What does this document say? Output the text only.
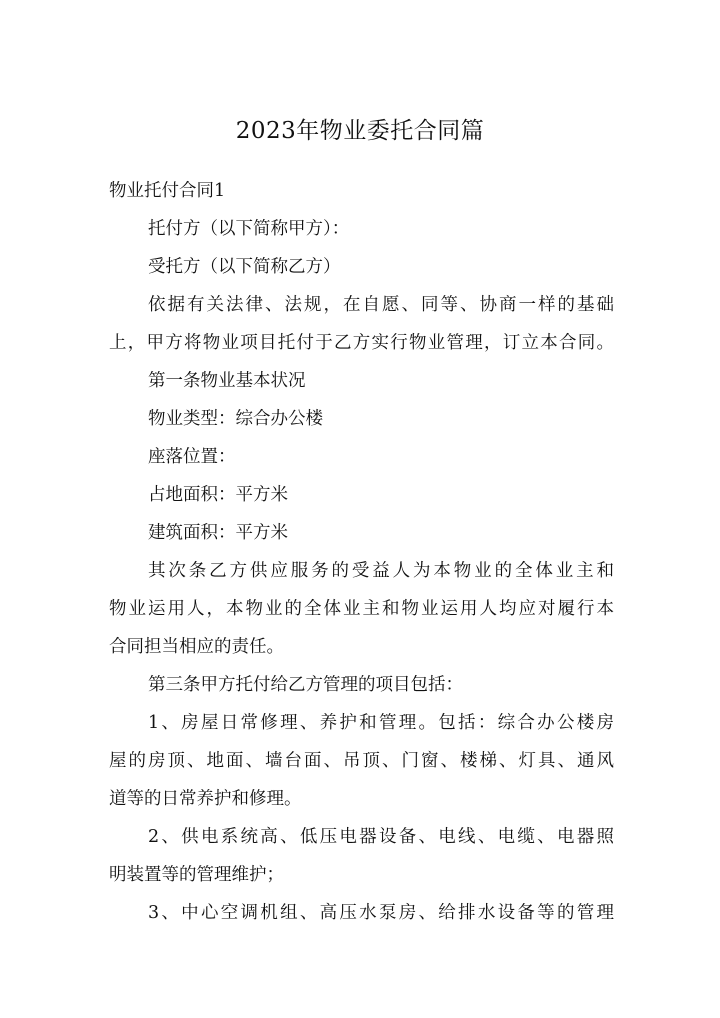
2023年物业委托合同篇
物业托付合同1
托付方（以下简称甲方）：
受托方（以下简称乙方）
依据有关法律、法规，在自愿、同等、协商一样的基础
上，甲方将物业项目托付于乙方实行物业管理，订立本合同。
第一条物业基本状况
物业类型：综合办公楼
座落位置：
占地面积：平方米
建筑面积：平方米
其次条乙方供应服务的受益人为本物业的全体业主和
物业运用人，本物业的全体业主和物业运用人均应对履行本
合同担当相应的责任。
第三条甲方托付给乙方管理的项目包括：
1、房屋日常修理、养护和管理。包括：综合办公楼房
屋的房顶、地面、墙台面、吊顶、门窗、楼梯、灯具、通风
道等的日常养护和修理。
2、供电系统高、低压电器设备、电线、电缆、电器照
明装置等的管理维护；
3、中心空调机组、高压水泵房、给排水设备等的管理
